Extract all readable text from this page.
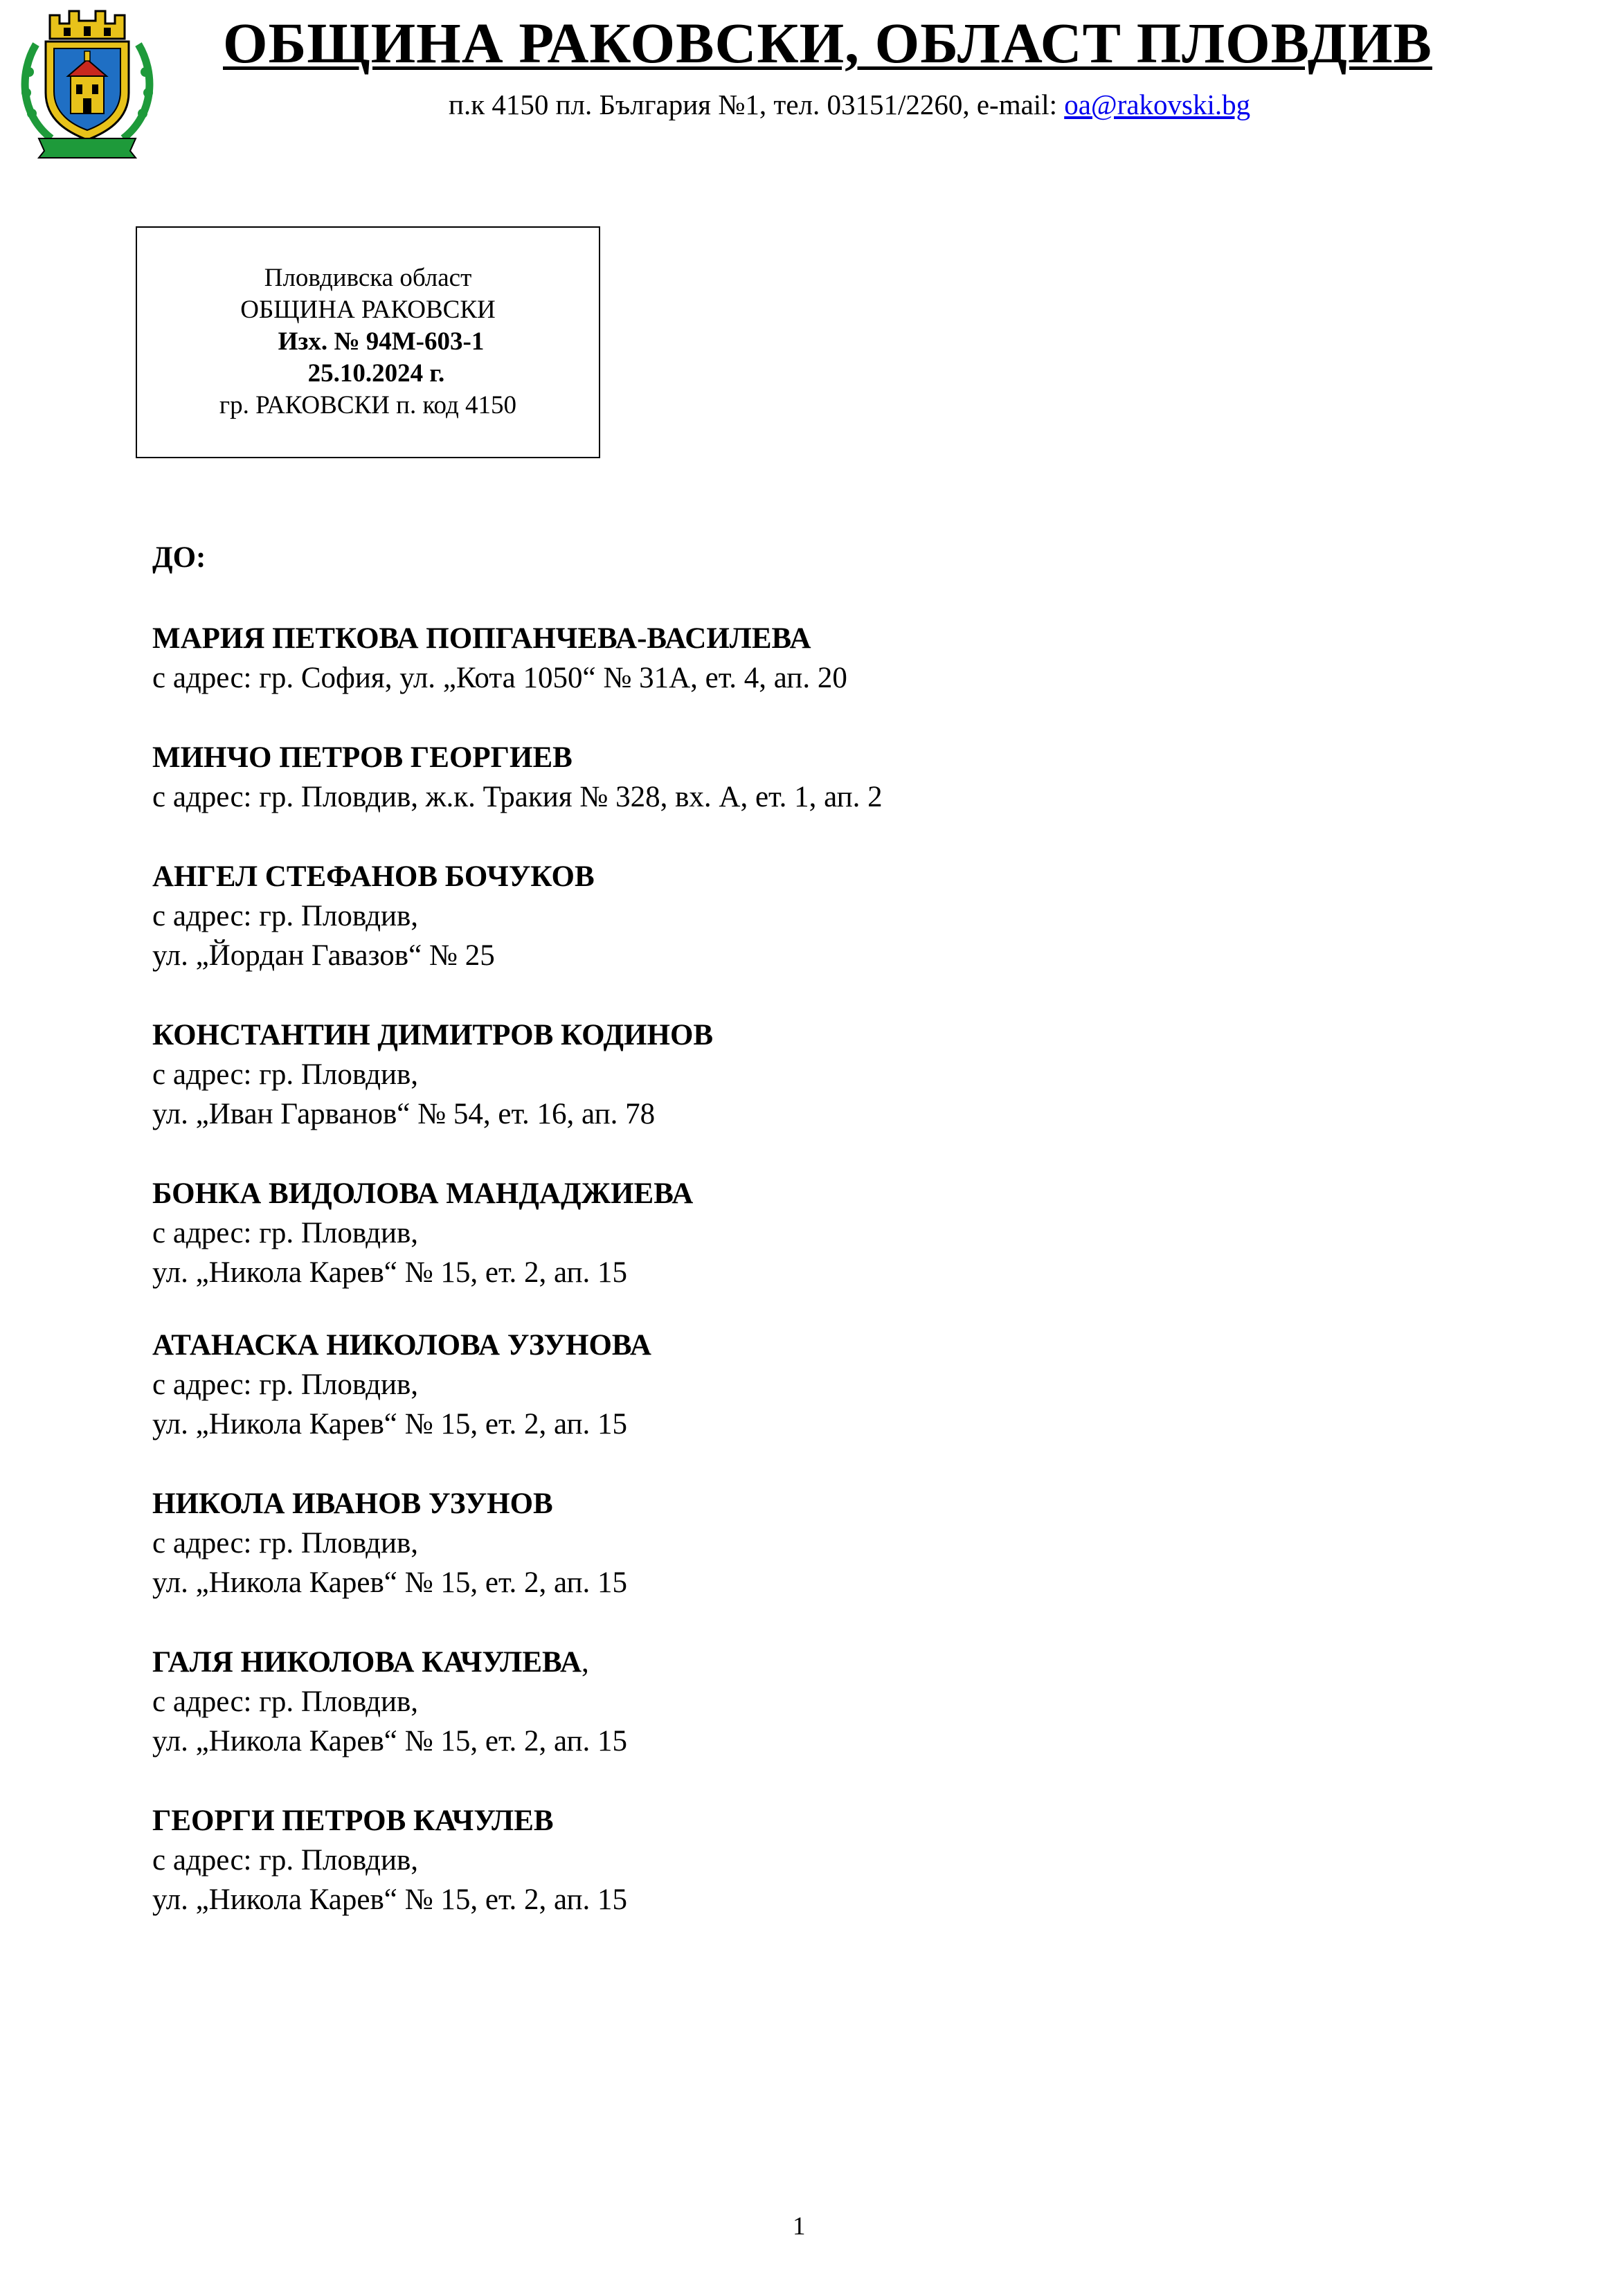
ОБЩИНА РАКОВСКИ, ОБЛАСТ ПЛОВДИВ
п.к 4150 пл. България №1, тел. 03151/2260, e-mail: oa@rakovski.bg
Пловдивска област
ОБЩИНА РАКОВСКИ
Изх. № 94М-603-1
25.10.2024 г.
гр. РАКОВСКИ п. код 4150
ДО:
МАРИЯ ПЕТКОВА ПОПГАНЧЕВА-ВАСИЛЕВА
с адрес: гр. София, ул. „Кота 1050“ № 31А, ет. 4, ап. 20
МИНЧО ПЕТРОВ ГЕОРГИЕВ
с адрес: гр. Пловдив, ж.к. Тракия № 328, вх. А, ет. 1, ап. 2
АНГЕЛ СТЕФАНОВ БОЧУКОВ
с адрес: гр. Пловдив,
ул. „Йордан Гавазов“ № 25
КОНСТАНТИН ДИМИТРОВ КОДИНОВ
с адрес: гр. Пловдив,
ул. „Иван Гарванов“ № 54, ет. 16, ап. 78
БОНКА ВИДОЛОВА МАНДАДЖИЕВА
с адрес: гр. Пловдив,
ул. „Никола Карев“ № 15, ет. 2, ап. 15
АТАНАСКА НИКОЛОВА УЗУНОВА
с адрес: гр. Пловдив,
ул. „Никола Карев“ № 15, ет. 2, ап. 15
НИКОЛА ИВАНОВ УЗУНОВ
с адрес: гр. Пловдив,
ул. „Никола Карев“ № 15, ет. 2, ап. 15
ГАЛЯ НИКОЛОВА КАЧУЛЕВА,
с адрес: гр. Пловдив,
ул. „Никола Карев“ № 15, ет. 2, ап. 15
ГЕОРГИ ПЕТРОВ КАЧУЛЕВ
с адрес: гр. Пловдив,
ул. „Никола Карев“ № 15, ет. 2, ап. 15
1
